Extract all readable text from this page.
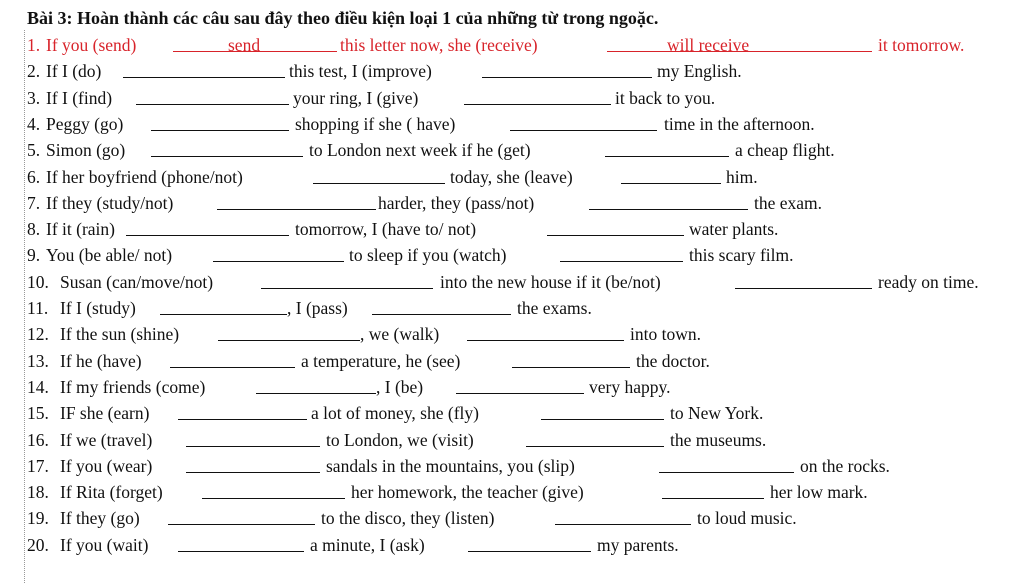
Bài 3: Hoàn thành các câu sau đây theo điều kiện loại 1 của những từ trong ngoặc.
1. If you (send)	this letter now, she (receive)	it tomorrow.
send	will receive
2. If I (do)	this test, I (improve)	my English.
3. If I (find)	your ring, I (give)	it back to you.
4. Peggy (go)	shopping if she ( have)	time in the afternoon.
5. Simon (go)	to London next week if he (get)	a cheap flight.
6. If her boyfriend (phone/not)	today, she (leave)	him.
7. If they (study/not)	harder, they (pass/not)	the exam.
8. If it (rain)	tomorrow, I (have to/ not)	water plants.
9. You (be able/ not)	to sleep if you (watch)	this scary film.
10. Susan (can/move/not)	into the new house if it (be/not)	ready on time.
11. If I (study)	, I (pass)	the exams.
12. If the sun (shine)	, we (walk)	into town.
13. If he (have)	a temperature, he (see)	the doctor.
14. If my friends (come)	, I (be)	very happy.
15. IF she (earn)	a lot of money, she (fly)	to New York.
16. If we (travel)	to London, we (visit)	the museums.
17. If you (wear)	sandals in the mountains, you (slip)	on the rocks.
18. If Rita (forget)	her homework, the teacher (give)	her low mark.
19. If they (go)	to the disco, they (listen)	to loud music.
20. If you (wait)	a minute, I (ask)	my parents.
